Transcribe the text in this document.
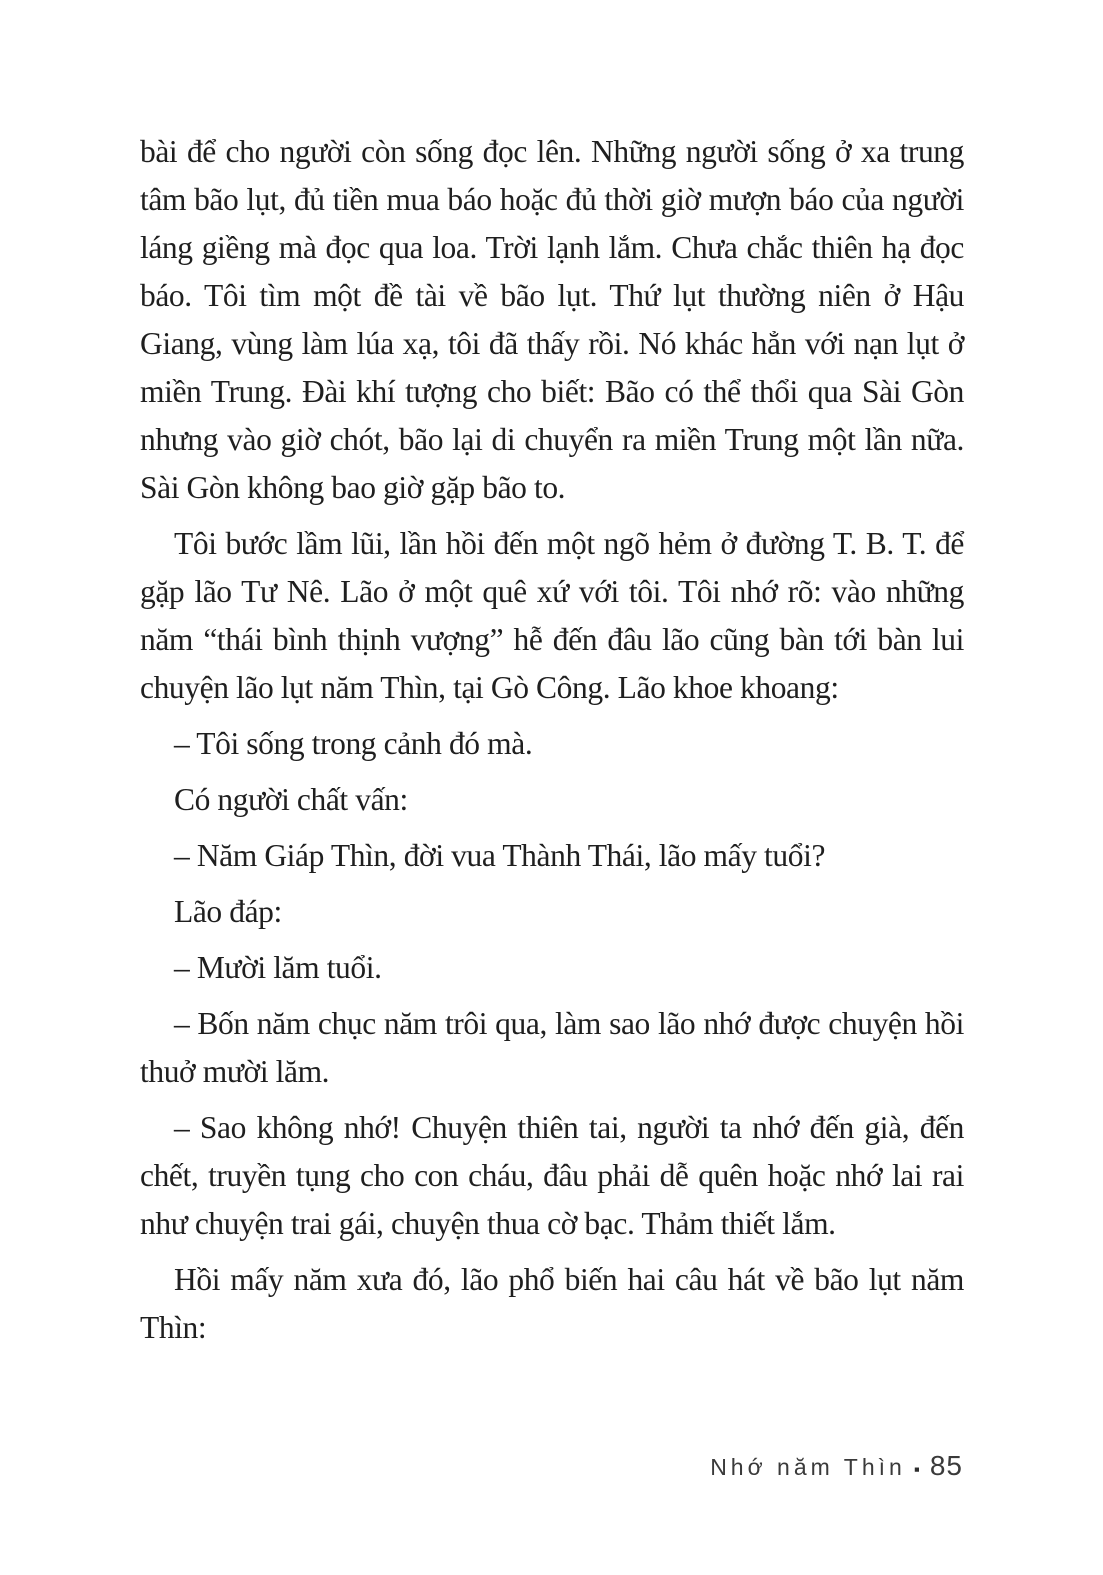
bài để cho người còn sống đọc lên. Những người sống ở xa trung tâm bão lụt, đủ tiền mua báo hoặc đủ thời giờ mượn báo của người láng giềng mà đọc qua loa. Trời lạnh lắm. Chưa chắc thiên hạ đọc báo. Tôi tìm một đề tài về bão lụt. Thứ lụt thường niên ở Hậu Giang, vùng làm lúa xạ, tôi đã thấy rồi. Nó khác hẳn với nạn lụt ở miền Trung. Đài khí tượng cho biết: Bão có thể thổi qua Sài Gòn nhưng vào giờ chót, bão lại di chuyển ra miền Trung một lần nữa. Sài Gòn không bao giờ gặp bão to.

Tôi bước lầm lũi, lần hồi đến một ngõ hẻm ở đường T. B. T. để gặp lão Tư Nê. Lão ở một quê xứ với tôi. Tôi nhớ rõ: vào những năm “thái bình thịnh vượng” hễ đến đâu lão cũng bàn tới bàn lui chuyện lão lụt năm Thìn, tại Gò Công. Lão khoe khoang:

– Tôi sống trong cảnh đó mà.

Có người chất vấn:

– Năm Giáp Thìn, đời vua Thành Thái, lão mấy tuổi?

Lão đáp:

– Mười lăm tuổi.

– Bốn năm chục năm trôi qua, làm sao lão nhớ được chuyện hồi thuở mười lăm.

– Sao không nhớ! Chuyện thiên tai, người ta nhớ đến già, đến chết, truyền tụng cho con cháu, đâu phải dễ quên hoặc nhớ lai rai như chuyện trai gái, chuyện thua cờ bạc. Thảm thiết lắm.

Hồi mấy năm xưa đó, lão phổ biến hai câu hát về bão lụt năm Thìn:

Nhớ năm Thìn ▪ 85
